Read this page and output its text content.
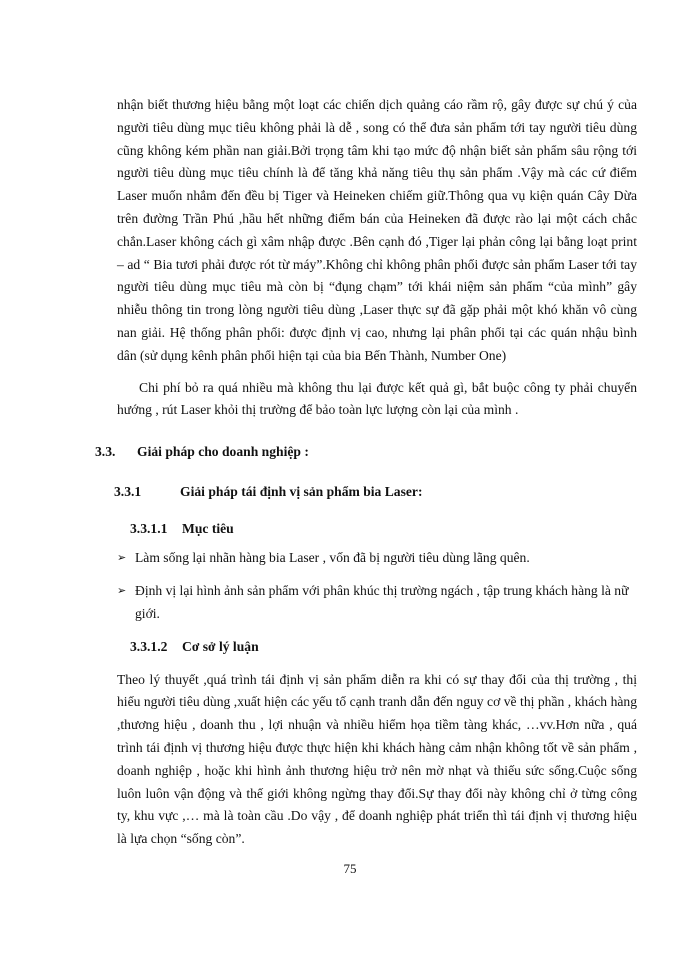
nhận biết thương hiệu bằng một loạt các chiến dịch quảng cáo rầm rộ, gây được sự chú ý của người tiêu dùng mục tiêu không phải là dễ , song có thể đưa sản phẩm tới tay người tiêu dùng cũng không kém phần nan giải.Bởi trọng tâm khi tạo mức độ nhận biết sản phẩm sâu rộng tới người tiêu dùng mục tiêu chính là để tăng khả năng tiêu thụ sản phẩm .Vậy mà các cứ điểm Laser muốn nhắm đến đều bị Tiger và Heineken chiếm giữ.Thông qua vụ kiện quán Cây Dừa trên đường Trần Phú ,hầu hết những điểm bán của Heineken đã được rào lại một cách chắc chắn.Laser không cách gì xâm nhập được .Bên cạnh đó ,Tiger lại phản công lại bằng loạt print – ad “ Bia tươi phải được rót từ máy”.Không chỉ không phân phối được sản phẩm Laser tới tay người tiêu dùng mục tiêu mà còn bị “đụng chạm” tới khái niệm sản phẩm “của mình” gây nhiễu thông tin trong lòng người tiêu dùng ,Laser thực sự đã gặp phải một khó khăn vô cùng nan giải. Hệ thống phân phối: được định vị cao, nhưng lại phân phối tại các quán nhậu bình dân (sử dụng kênh phân phối hiện tại của bia Bến Thành, Number One)

Chi phí bỏ ra quá nhiều mà không thu lại được kết quả gì, bắt buộc công ty phải chuyển hướng , rút Laser khỏi thị trường để bảo toàn lực lượng còn lại của mình .

3.3.	Giải pháp cho doanh nghiệp :
3.3.1	Giải pháp tái định vị sản phẩm bia Laser:
3.3.1.1	Mục tiêu
➢ Làm sống lại nhãn hàng bia Laser , vốn đã bị người tiêu dùng lãng quên.
➢ Định vị lại hình ảnh sản phẩm với phân khúc thị trường ngách , tập trung khách hàng là nữ giới.
3.3.1.2	Cơ sở lý luận

Theo lý thuyết ,quá trình tái định vị sản phẩm diễn ra khi có sự thay đổi của thị trường , thị hiếu người tiêu dùng ,xuất hiện các yếu tố cạnh tranh dẫn đến nguy cơ về thị phần , khách hàng ,thương hiệu , doanh thu , lợi nhuận và nhiều hiểm họa tiềm tàng khác, …vv.Hơn nữa , quá trình tái định vị thương hiệu được thực hiện khi khách hàng cảm nhận không tốt về sản phẩm , doanh nghiệp , hoặc khi hình ảnh thương hiệu trở nên mờ nhạt và thiếu sức sống.Cuộc sống luôn luôn vận động và thế giới không ngừng thay đổi.Sự thay đổi này không chỉ ở từng công ty, khu vực ,… mà là toàn cầu .Do vậy , để doanh nghiệp phát triển thì tái định vị thương hiệu là lựa chọn “sống còn”.

75
